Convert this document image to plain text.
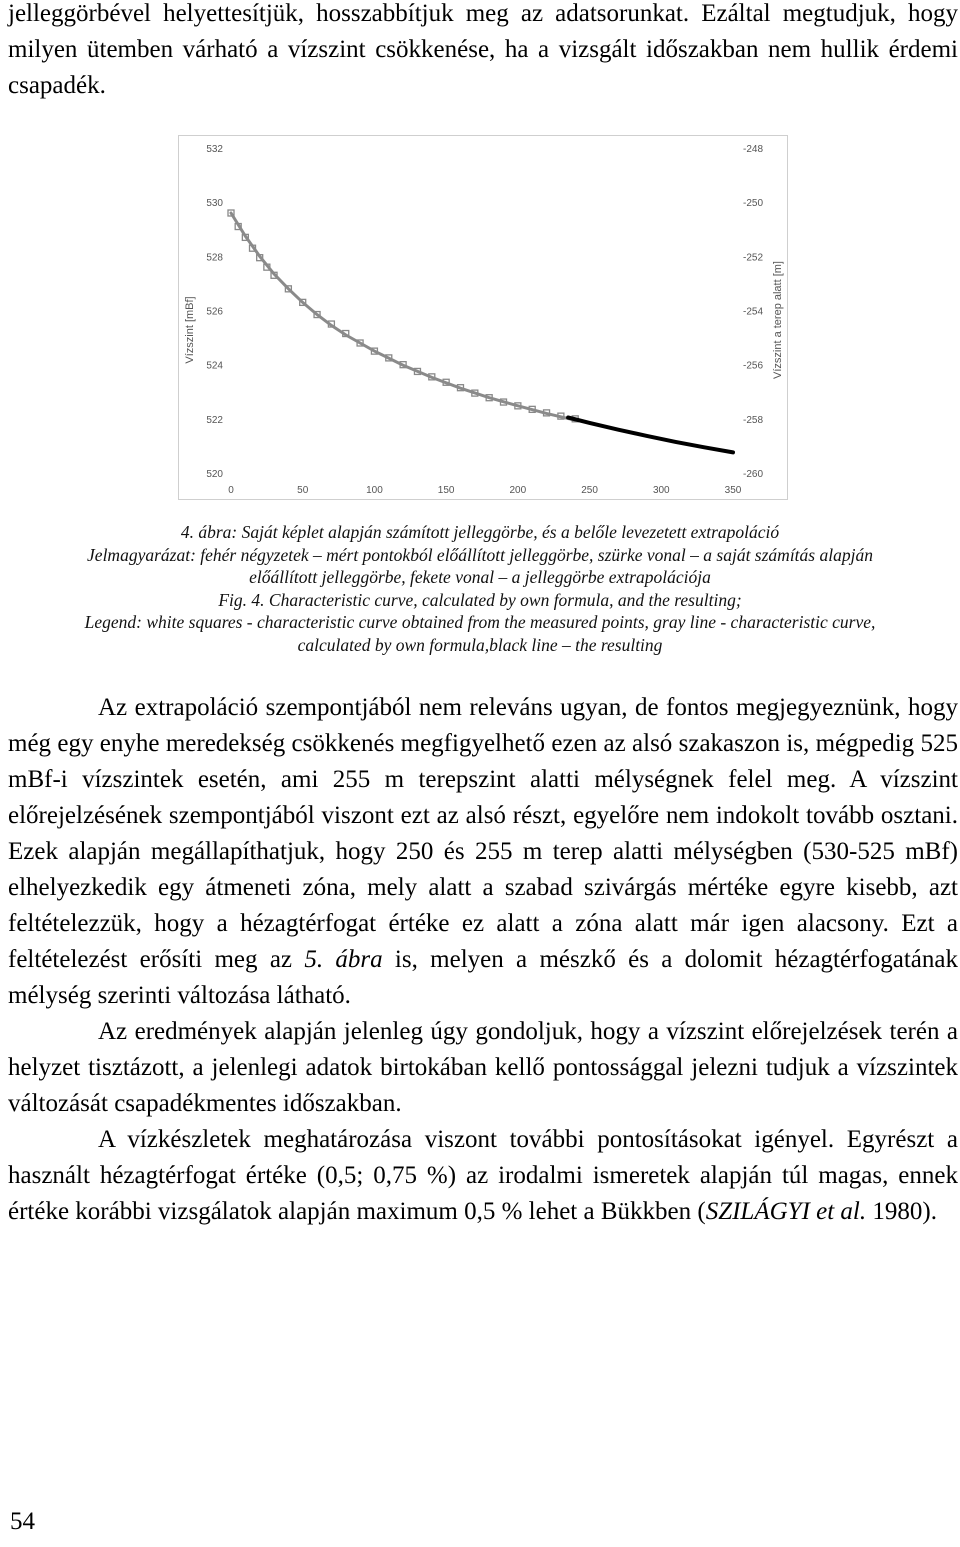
jelleggörbével helyettesítjük, hosszabbítjuk meg az adatsorunkat. Ezáltal megtudjuk, hogy milyen ütemben várható a vízszint csökkenése, ha a vizsgált időszakban nem hullik érdemi csapadék.

0	50	100	150	200	250	300	350
520
522
524
526
528
530
532
-260
-258
-256
-254
-252
-250
-248
Vízszint [mBf]	Vízszint a terep alatt [m]
4. ábra: Saját képlet alapján számított jelleggörbe, és a belőle levezetett extrapoláció
Jelmagyarázat: fehér négyzetek – mért pontokból előállított jelleggörbe, szürke vonal – a saját számítás alapján
előállított jelleggörbe, fekete vonal – a jelleggörbe extrapolációja
Fig. 4. Characteristic curve, calculated by own formula, and the resulting;
Legend: white squares - characteristic curve obtained from the measured points, gray line - characteristic curve,
calculated by own formula,black line – the resulting
Az extrapoláció szempontjából nem releváns ugyan, de fontos megjegyeznünk, hogy még egy enyhe meredekség csökkenés megfigyelhető ezen az alsó szakaszon is, mégpedig 525 mBf-i vízszintek esetén, ami 255 m terepszint alatti mélységnek felel meg. A vízszint előrejelzésének szempontjából viszont ezt az alsó részt, egyelőre nem indokolt tovább osztani. Ezek alapján megállapíthatjuk, hogy 250 és 255 m terep alatti mélységben (530-525 mBf) elhelyezkedik egy átmeneti zóna, mely alatt a szabad szivárgás mértéke egyre kisebb, azt feltételezzük, hogy a hézagtérfogat értéke ez alatt a zóna alatt már igen alacsony. Ezt a feltételezést erősíti meg az 5. ábra is, melyen a mészkő és a dolomit hézagtérfogatának mélység szerinti változása látható.
Az eredmények alapján jelenleg úgy gondoljuk, hogy a vízszint előrejelzések terén a helyzet tisztázott, a jelenlegi adatok birtokában kellő pontossággal jelezni tudjuk a vízszintek változását csapadékmentes időszakban.
A vízkészletek meghatározása viszont további pontosításokat igényel. Egyrészt a használt hézagtérfogat értéke (0,5; 0,75 %) az irodalmi ismeretek alapján túl magas, ennek értéke korábbi vizsgálatok alapján maximum 0,5 % lehet a Bükkben (SZILÁGYI et al. 1980).
54
